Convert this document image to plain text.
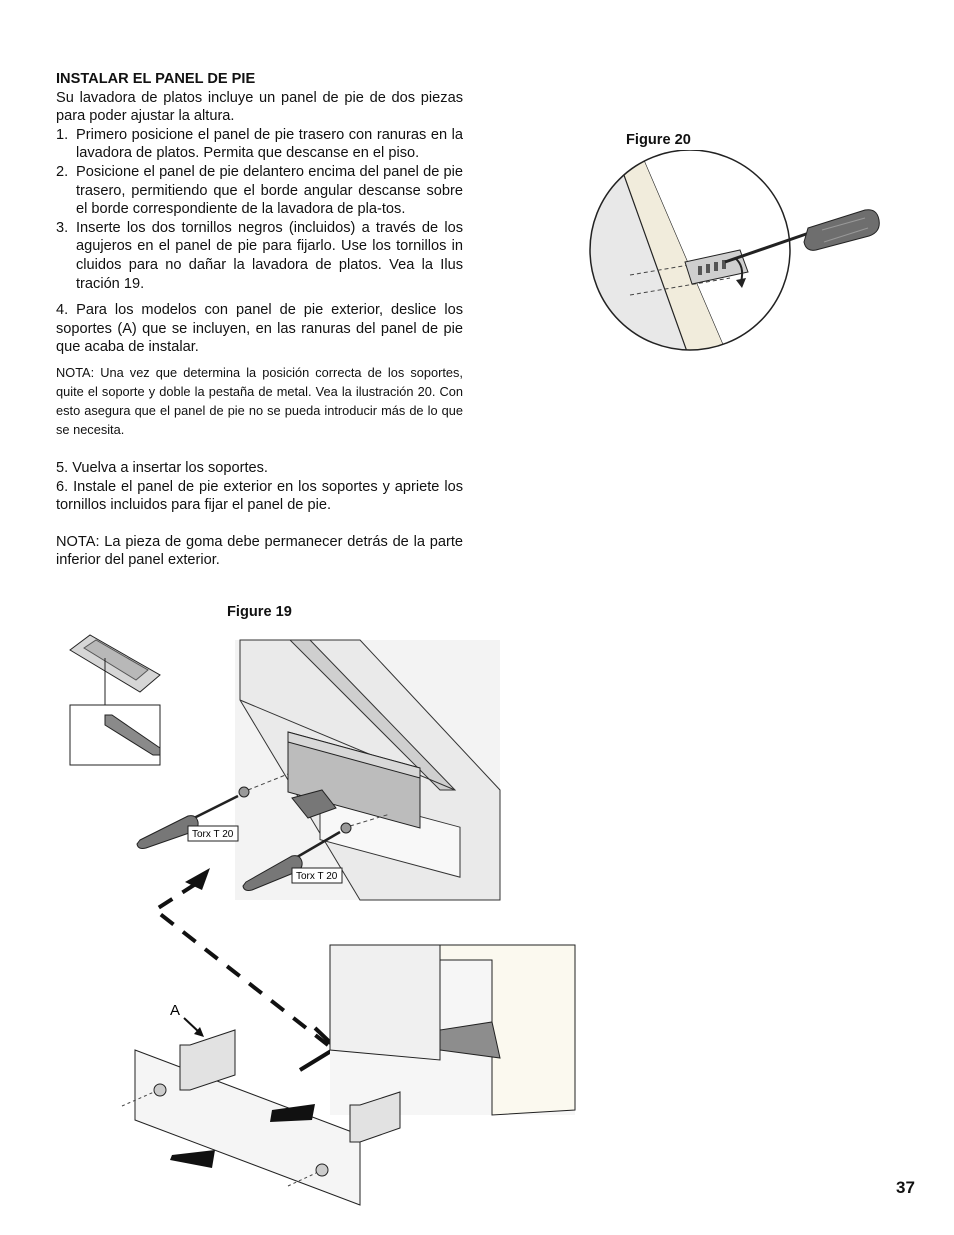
INSTALAR EL PANEL DE PIE

Su lavadora de platos incluye un panel de pie de dos piezas para poder ajustar la altura.

1. Primero posicione el panel de pie trasero con ranuras en la lavadora de platos. Permita que descanse en el piso.
2. Posicione el panel de pie delantero encima del panel de pie trasero, permitiendo que el borde angular descanse sobre el borde correspondiente de la lavadora de pla-tos.
3. Inserte los dos tornillos negros (incluidos) a través de los agujeros en el panel de pie para fijarlo. Use los tornillos in cluidos para no dañar la lavadora de platos. Vea la Ilus tración 19.

4. Para los modelos con panel de pie exterior, deslice los soportes (A) que se incluyen, en las ranuras del panel de pie que acaba de instalar.

NOTA: Una vez que determina la posición correcta de los soportes, quite el soporte y doble la pestaña de metal. Vea la ilustración 20. Con esto asegura que el panel de pie no se pueda introducir más de lo que se necesita.

5. Vuelva a insertar los soportes.

6. Instale el panel de pie exterior en los soportes y apriete los tornillos incluidos para fijar el panel de pie.

NOTA: La pieza de goma debe permanecer detrás de la parte inferior del panel exterior.

Figure 20
Figure 19
37
Torx T 20
Torx T 20
A
